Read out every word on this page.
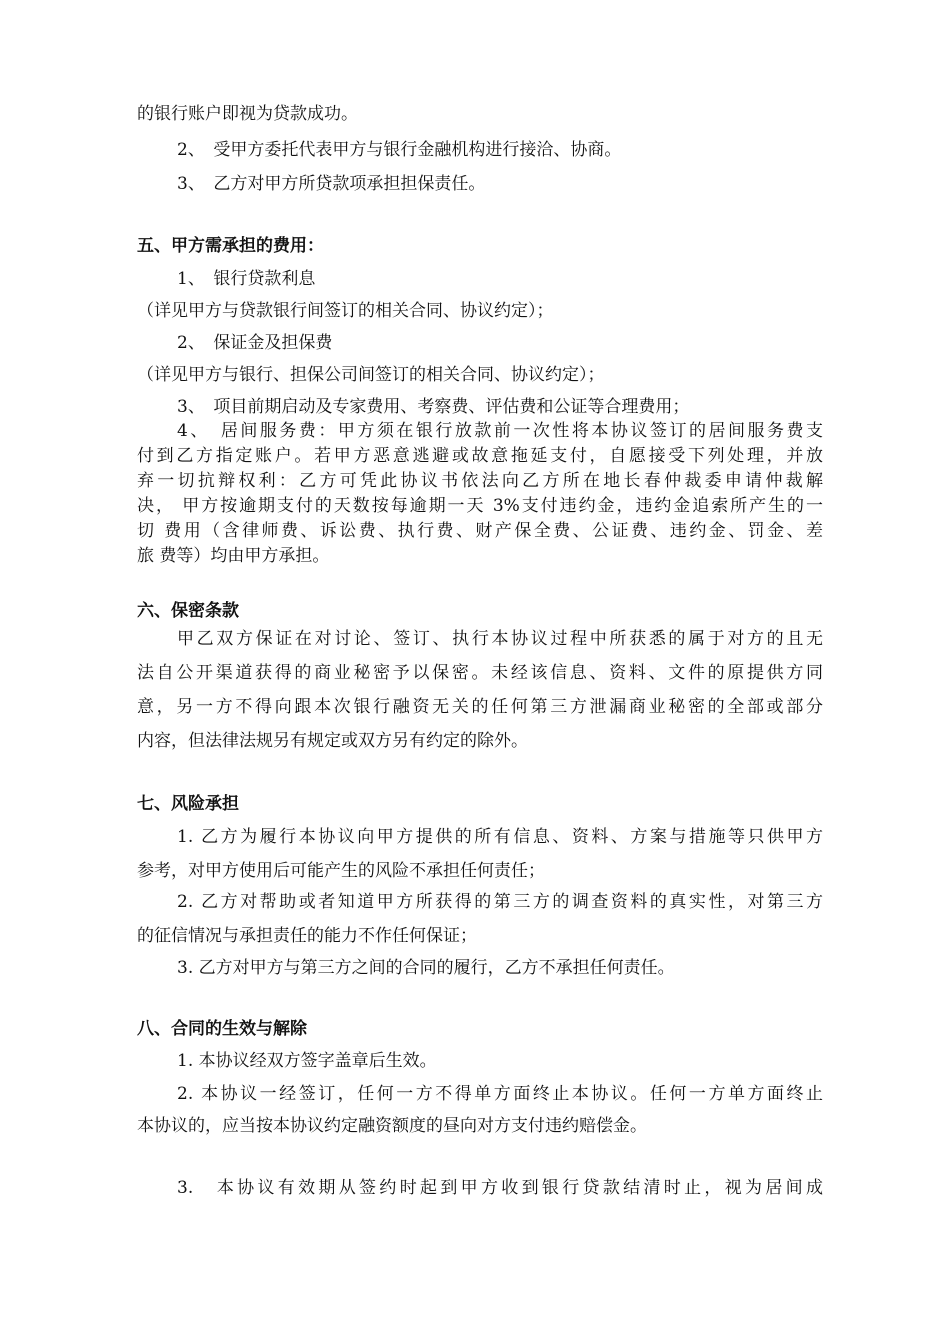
的银行账户即视为贷款成功。
2、　受甲方委托代表甲方与银行金融机构进行接洽、协商。
3、　乙方对甲方所贷款项承担担保责任。
五、甲方需承担的费用：
1、　银行贷款利息
（详见甲方与贷款银行间签订的相关合同、协议约定）；
2、　保证金及担保费
（详见甲方与银行、担保公司间签订的相关合同、协议约定）；
3、　项目前期启动及专家费用、考察费、评估费和公证等合理费用；
4、　居间服务费：甲方须在银行放款前一次性将本协议签订的居间服务费支
付到乙方指定账户。若甲方恶意逃避或故意拖延支付，自愿接受下列处理，并放
弃一切抗辩权利：乙方可凭此协议书依法向乙方所在地长春仲裁委申请仲裁解
决， 甲方按逾期支付的天数按每逾期一天 3%支付违约金，违约金追索所产生的一
切 费用（含律师费、诉讼费、执行费、财产保全费、公证费、违约金、罚金、差
旅 费等）均由甲方承担。
六、保密条款
甲乙双方保证在对讨论、签订、执行本协议过程中所获悉的属于对方的且无
法自公开渠道获得的商业秘密予以保密。未经该信息、资料、文件的原提供方同
意，另一方不得向跟本次银行融资无关的任何第三方泄漏商业秘密的全部或部分
内容，但法律法规另有规定或双方另有约定的除外。
七、风险承担
1. 乙方为履行本协议向甲方提供的所有信息、资料、方案与措施等只供甲方
参考，对甲方使用后可能产生的风险不承担任何责任；
2. 乙方对帮助或者知道甲方所获得的第三方的调查资料的真实性，对第三方
的征信情况与承担责任的能力不作任何保证；
3. 乙方对甲方与第三方之间的合同的履行，乙方不承担任何责任。
八、合同的生效与解除
1. 本协议经双方签字盖章后生效。
2. 本协议一经签订，任何一方不得单方面终止本协议。任何一方单方面终止
本协议的，应当按本协议约定融资额度的昼向对方支付违约赔偿金。
3.　本协议有效期从签约时起到甲方收到银行贷款结清时止，视为居间成
